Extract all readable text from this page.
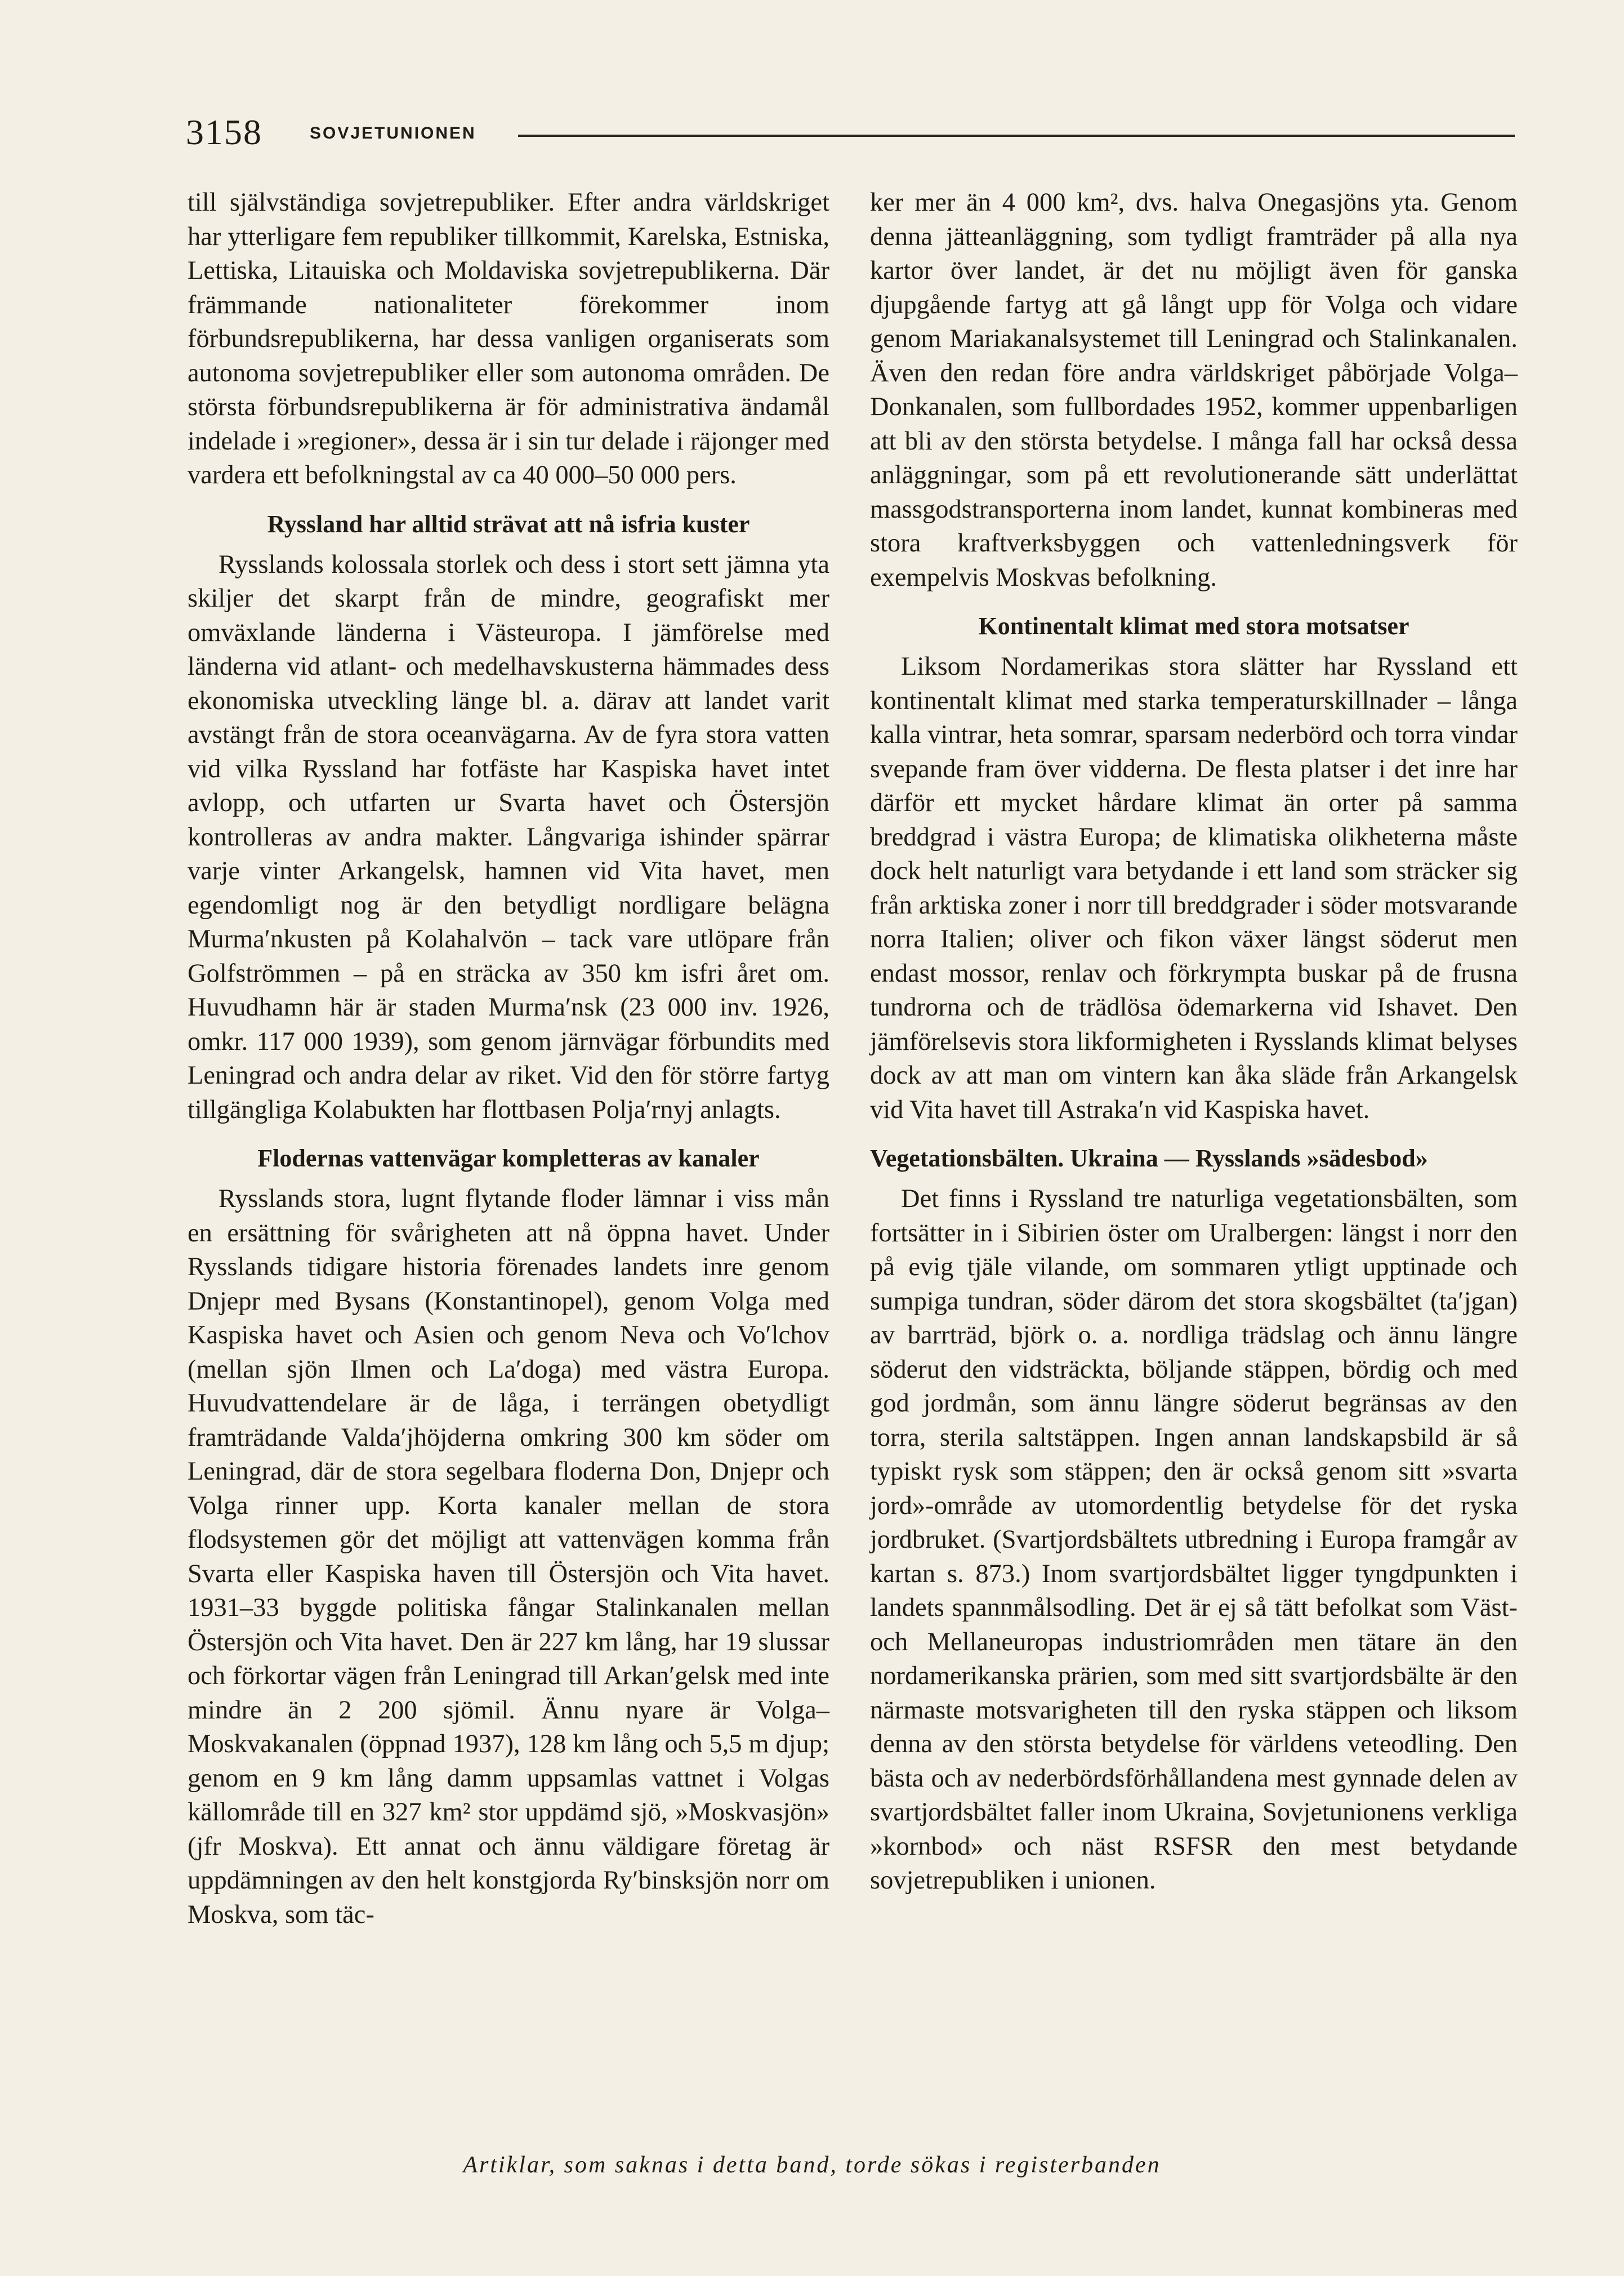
3158	SOVJETUNIONEN

till självständiga sovjetrepubliker. Efter andra världskriget har ytterligare fem republiker tillkommit, Karelska, Estniska, Lettiska, Litauiska och Moldaviska sovjetrepublikerna. Där främmande nationaliteter förekommer inom förbundsrepublikerna, har dessa vanligen organiserats som autonoma sovjetrepubliker eller som autonoma områden. De största förbundsrepublikerna är för administrativa ändamål indelade i »regioner», dessa är i sin tur delade i räjonger med vardera ett befolkningstal av ca 40 000–50 000 pers.

Ryssland har alltid strävat att nå isfria kuster

Rysslands kolossala storlek och dess i stort sett jämna yta skiljer det skarpt från de mindre, geografiskt mer omväxlande länderna i Västeuropa. I jämförelse med länderna vid atlant- och medelhavskusterna hämmades dess ekonomiska utveckling länge bl. a. därav att landet varit avstängt från de stora oceanvägarna. Av de fyra stora vatten vid vilka Ryssland har fotfäste har Kaspiska havet intet avlopp, och utfarten ur Svarta havet och Östersjön kontrolleras av andra makter. Långvariga ishinder spärrar varje vinter Arkangelsk, hamnen vid Vita havet, men egendomligt nog är den betydligt nordligare belägna Murma′nkusten på Kolahalvön – tack vare utlöpare från Golfströmmen – på en sträcka av 350 km isfri året om. Huvudhamn här är staden Murma′nsk (23 000 inv. 1926, omkr. 117 000 1939), som genom järnvägar förbundits med Leningrad och andra delar av riket. Vid den för större fartyg tillgängliga Kolabukten har flottbasen Polja′rnyj anlagts.

Flodernas vattenvägar kompletteras av kanaler

Rysslands stora, lugnt flytande floder lämnar i viss mån en ersättning för svårigheten att nå öppna havet. Under Rysslands tidigare historia förenades landets inre genom Dnjepr med Bysans (Konstantinopel), genom Volga med Kaspiska havet och Asien och genom Neva och Vo′lchov (mellan sjön Ilmen och La′doga) med västra Europa. Huvudvattendelare är de låga, i terrängen obetydligt framträdande Valda′jhöjderna omkring 300 km söder om Leningrad, där de stora segelbara floderna Don, Dnjepr och Volga rinner upp. Korta kanaler mellan de stora flodsystemen gör det möjligt att vattenvägen komma från Svarta eller Kaspiska haven till Östersjön och Vita havet. 1931–33 byggde politiska fångar Stalinkanalen mellan Östersjön och Vita havet. Den är 227 km lång, har 19 slussar och förkortar vägen från Leningrad till Arkan′gelsk med inte mindre än 2 200 sjömil. Ännu nyare är Volga–Moskvakanalen (öppnad 1937), 128 km lång och 5,5 m djup; genom en 9 km lång damm uppsamlas vattnet i Volgas källområde till en 327 km² stor uppdämd sjö, »Moskvasjön» (jfr Moskva). Ett annat och ännu väldigare företag är uppdämningen av den helt konstgjorda Ry′binsksjön norr om Moskva, som täc-

ker mer än 4 000 km², dvs. halva Onegasjöns yta. Genom denna jätteanläggning, som tydligt framträder på alla nya kartor över landet, är det nu möjligt även för ganska djupgående fartyg att gå långt upp för Volga och vidare genom Mariakanalsystemet till Leningrad och Stalinkanalen. Även den redan före andra världskriget påbörjade Volga–Donkanalen, som fullbordades 1952, kommer uppenbarligen att bli av den största betydelse. I många fall har också dessa anläggningar, som på ett revolutionerande sätt underlättat massgodstransporterna inom landet, kunnat kombineras med stora kraftverksbyggen och vattenledningsverk för exempelvis Moskvas befolkning.

Kontinentalt klimat med stora motsatser

Liksom Nordamerikas stora slätter har Ryssland ett kontinentalt klimat med starka temperaturskillnader – långa kalla vintrar, heta somrar, sparsam nederbörd och torra vindar svepande fram över vidderna. De flesta platser i det inre har därför ett mycket hårdare klimat än orter på samma breddgrad i västra Europa; de klimatiska olikheterna måste dock helt naturligt vara betydande i ett land som sträcker sig från arktiska zoner i norr till breddgrader i söder motsvarande norra Italien; oliver och fikon växer längst söderut men endast mossor, renlav och förkrympta buskar på de frusna tundrorna och de trädlösa ödemarkerna vid Ishavet. Den jämförelsevis stora likformigheten i Rysslands klimat belyses dock av att man om vintern kan åka släde från Arkangelsk vid Vita havet till Astraka′n vid Kaspiska havet.

Vegetationsbälten. Ukraina — Rysslands »sädesbod»

Det finns i Ryssland tre naturliga vegetationsbälten, som fortsätter in i Sibirien öster om Uralbergen: längst i norr den på evig tjäle vilande, om sommaren ytligt upptinade och sumpiga tundran, söder därom det stora skogsbältet (ta′jgan) av barrträd, björk o. a. nordliga trädslag och ännu längre söderut den vidsträckta, böljande stäppen, bördig och med god jordmån, som ännu längre söderut begränsas av den torra, sterila saltstäppen. Ingen annan landskapsbild är så typiskt rysk som stäppen; den är också genom sitt »svarta jord»-område av utomordentlig betydelse för det ryska jordbruket. (Svartjordsbältets utbredning i Europa framgår av kartan s. 873.) Inom svartjordsbältet ligger tyngdpunkten i landets spannmålsodling. Det är ej så tätt befolkat som Väst- och Mellaneuropas industriområden men tätare än den nordamerikanska prärien, som med sitt svartjordsbälte är den närmaste motsvarigheten till den ryska stäppen och liksom denna av den största betydelse för världens veteodling. Den bästa och av nederbördsförhållandena mest gynnade delen av svartjordsbältet faller inom Ukraina, Sovjetunionens verkliga »kornbod» och näst RSFSR den mest betydande sovjetrepubliken i unionen.

Artiklar, som saknas i detta band, torde sökas i registerbanden
